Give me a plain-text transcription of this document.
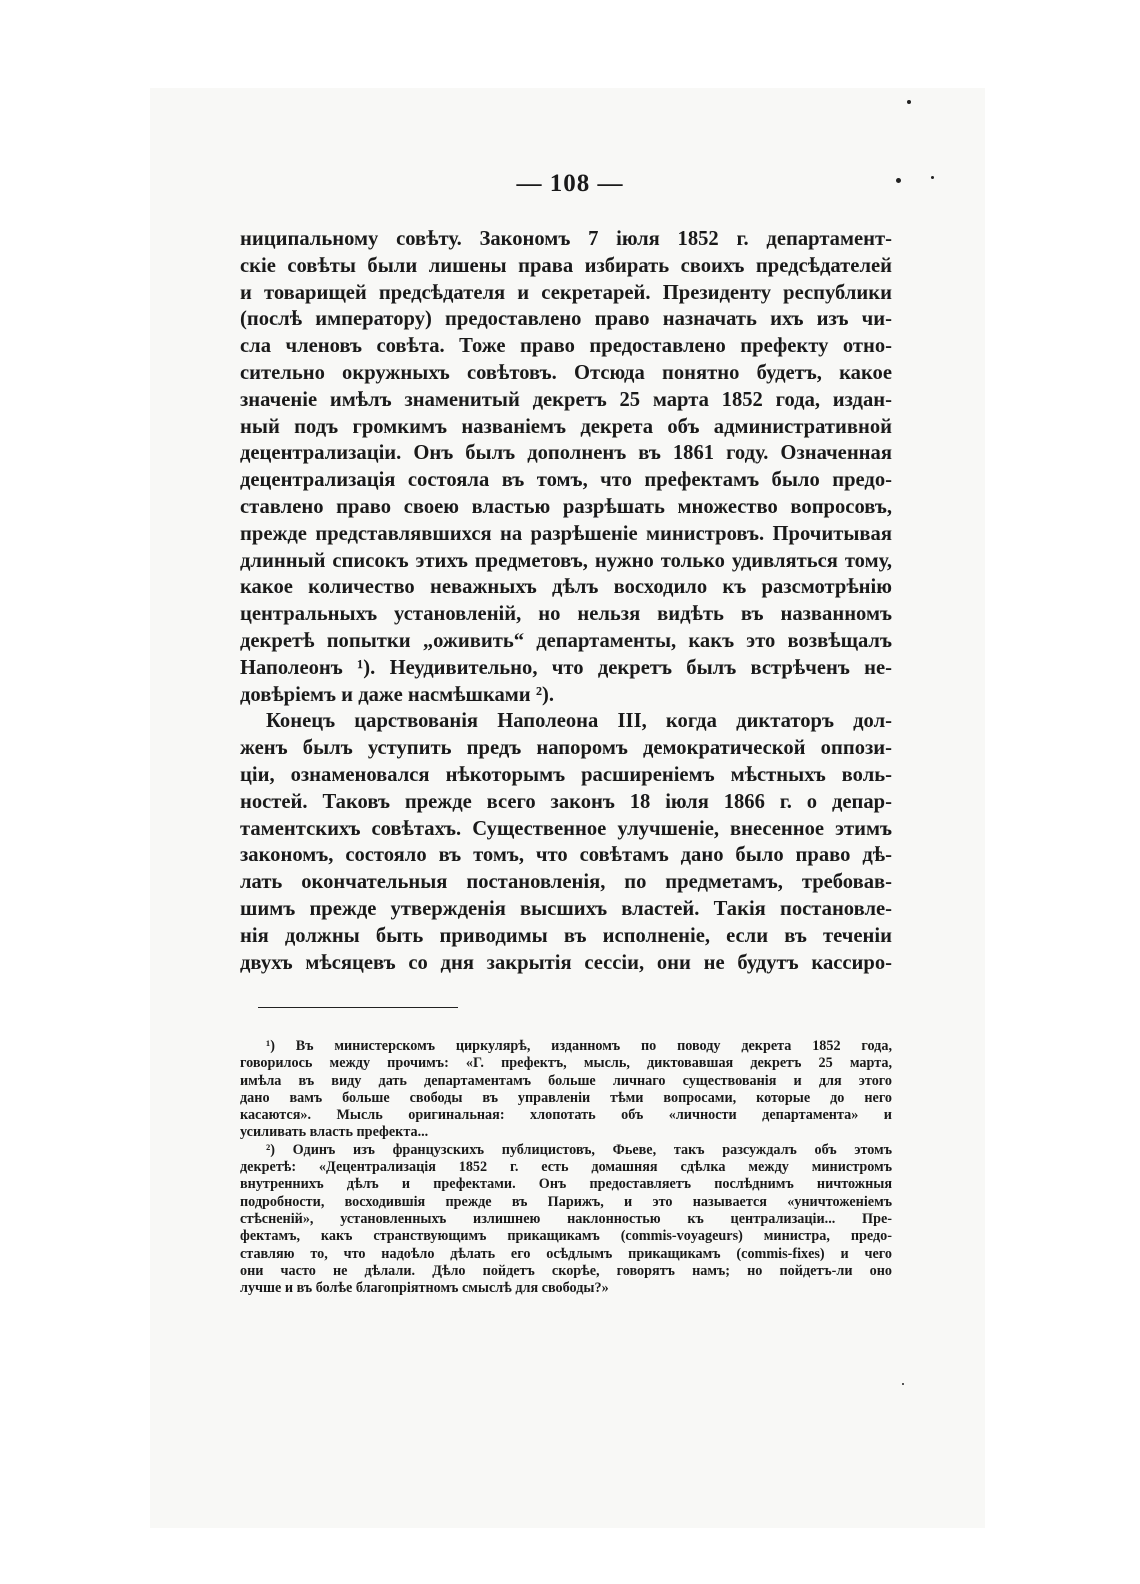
— 108 —
ниципальному совѣту. Закономъ 7 іюля 1852 г. департамент-
скіе совѣты были лишены права избирать своихъ предсѣдателей
и товарищей предсѣдателя и секретарей. Президенту республики
(послѣ императору) предоставлено право назначать ихъ изъ чи-
сла членовъ совѣта. Тоже право предоставлено префекту отно-
сительно окружныхъ совѣтовъ. Отсюда понятно будетъ, какое
значеніе имѣлъ знаменитый декретъ 25 марта 1852 года, издан-
ный подъ громкимъ названіемъ декрета объ административной
децентрализаціи. Онъ былъ дополненъ въ 1861 году. Означенная
децентрализація состояла въ томъ, что префектамъ было предо-
ставлено право своею властью разрѣшать множество вопросовъ,
прежде представлявшихся на разрѣшеніе министровъ. Прочитывая
длинный списокъ этихъ предметовъ, нужно только удивляться тому,
какое количество неважныхъ дѣлъ восходило къ разсмотрѣнію
центральныхъ установленій, но нельзя видѣть въ названномъ
декретѣ попытки „оживить“ департаменты, какъ это возвѣщалъ
Наполеонъ ¹). Неудивительно, что декретъ былъ встрѣченъ не-
довѣріемъ и даже насмѣшками ²).
Конецъ царствованія Наполеона III, когда диктаторъ дол-
женъ былъ уступить предъ напоромъ демократической оппози-
ціи, ознаменовался нѣкоторымъ расширеніемъ мѣстныхъ воль-
ностей. Таковъ прежде всего законъ 18 іюля 1866 г. о депар-
таментскихъ совѣтахъ. Существенное улучшеніе, внесенное этимъ
закономъ, состояло въ томъ, что совѣтамъ дано было право дѣ-
лать окончательныя постановленія, по предметамъ, требовав-
шимъ прежде утвержденія высшихъ властей. Такія постановле-
нія должны быть приводимы въ исполненіе, если въ теченіи
двухъ мѣсяцевъ со дня закрытія сессіи, они не будутъ кассиро-
¹) Въ министерскомъ циркулярѣ, изданномъ по поводу декрета 1852 года,
говорилось между прочимъ: «Г. префектъ, мысль, диктовавшая декретъ 25 марта,
имѣла въ виду дать департаментамъ больше личнаго существованія и для этого
дано вамъ больше свободы въ управленіи тѣми вопросами, которые до него
касаются». Мысль оригинальная: хлопотать объ «личности департамента» и
усиливать власть префекта...
²) Одинъ изъ французскихъ публицистовъ, Фьеве, такъ разсуждалъ объ этомъ
декретѣ: «Децентрализація 1852 г. есть домашняя сдѣлка между министромъ
внутреннихъ дѣлъ и префектами. Онъ предоставляетъ послѣднимъ ничтожныя
подробности, восходившія прежде въ Парижъ, и это называется «уничтоженіемъ
стѣсненій», установленныхъ излишнею наклонностью къ централизаціи... Пре-
фектамъ, какъ странствующимъ прикащикамъ (commis-voyageurs) министра, предо-
ставляю то, что надоѣло дѣлать его осѣдлымъ прикащикамъ (commis-fixes) и чего
они часто не дѣлали. Дѣло пойдетъ скорѣе, говорятъ намъ; но пойдетъ-ли оно
лучше и въ болѣе благопріятномъ смыслѣ для свободы?»
